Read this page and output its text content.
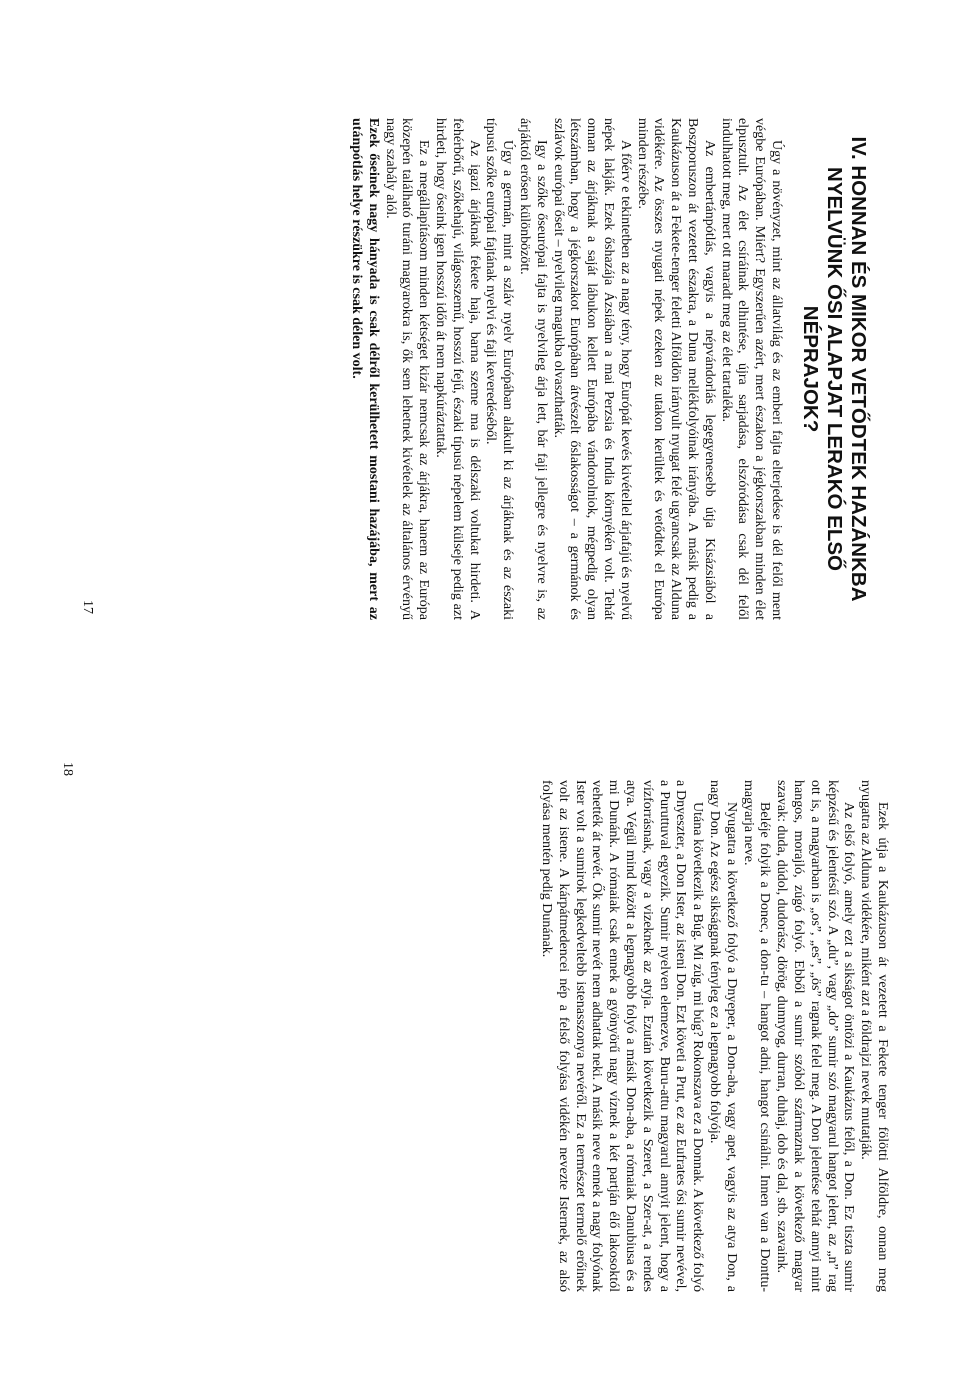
IV. HONNAN ÉS MIKOR VETŐDTEK HAZÁNKBA NYELVÜNK ŐSI ALAPJAT LERAKÓ ELSŐ NÉPRAJOK?

Úgy a növényzet, mint az állatvilág és az emberi fajta elterjedése is dél felől ment végbe Európában. Miért? Egyszerűen azért, mert északon a jégkorszakban minden élet elpusztult. Az élet csíráinak elhintése, újra sarjadása, elszóródása csak dél felől indulhatott meg, mert ott maradt meg az élet tartaléka.

Az embertánpótlás, vagyis a népvándorlás legegyenesebb útja Kisázsiából a Boszporuszon át vezetett északra, a Duna mellékfolyóinak irányába. A másik pedig a Kaukázuson át a Fekete-tenger feletti Alföldön irányult nyugat felé ugyancsak az Alduna vidékére. Az összes nyugati népek ezeken az utakon kerültek és vetődtek el Európa minden részébe.

A főérv e tekintetben az a nagy tény, hogy Európát kevés kivétellel árjafajú és nyelvű népek lakják. Ezek őshazája Ázsiában a mai Perzsia és India környékén volt. Tehát onnan az árjáknak a saját lábukon kellett Európába vándorolniok, mégpedig olyan létszámban, hogy a jégkorszakot Európában átvészelt őslakosságot – a germánok és szlávok európai őseit – nyelvileg magukba olvaszthatták.

Igy a szőke őseurópai fajta is nyelvileg árja lett, bár faji jellegre és nyelvre is, az árjáktól erősen különbözött.

Úgy a germán, mint a szláv nyelv Európában alakult ki az árjáknak és az északi típusú szőke európai fajtának nyelvi és faji keveredéséből.

Az igazi árjáknak fekete haja, barna szeme ma is délszaki voltukat hirdeti. A fehérbőrű, szőkehajú, világosszemű, hosszú fejű, északi típusú népelem külseje pedig azt hirdeti, hogy őseink igen hosszú időn át nem napkúráztattak.

Ez a megállapításom minden kétséget kizár nemcsak az árjákra, hanem az Európa közepén található turáni magyarokra is, ők sem lehetnek kivételek az általános érvényű nagy szabály alól.

Ezek őseinek nagy hányada is csak délről kerülhetett mostani hazájába, mert az utánpótlás helye részükre is csak délen volt.

17

Ezek útja a Kaukázuson át vezetett a Fekete tenger fölötti Alföldre, onnan meg nyugatra az Alduna vidékére, miként azt a földrajzi nevek mutatják.

Az első folyó, amely ezt a sikságot öntözi a Kaukázus felől, a Don. Ez tiszta sumir képzésű és jelentésű szó. A „du”, vagy „do” sumir szó magyarul hangot jelent, az „n” rag ott is, a magyarban is „os”, „es”, „ös” ragnak felel meg. A Don jelentése tehát annyi mint hangos, morajló, zúgó folyó. Ebből a sumir szóból származnak a következő magyar szavak: duda, dúdol, dudorász, dörög, dunnyog, durran, duhaj, dob és dal, stb. szavaink.

Beléje folyik a Donec, a don-tu – hangot adni, hangot csinálni. Innen van a Donttu-magyarja neve.

Nyugatra a következő folyó a Dnyeper, a Don-aba, vagy apet, vagyis az atya Don, a nagy Don. Az egész siksággnak tényleg ez a legnagyobb folyója.

Utána következik a Búg. Mi zúg, mi búg? Rokonszava ez a Donnak. A következő folyó a Dnyeszter, a Don Ister, az isteni Don. Ezt követi a Prut, ez az Eufrates ősi sumir nevével, a Puruttuval egyezik. Sumir nyelven elemezve, Buru-attu magyarul annyit jelent, hogy a vízforrásnak, vagy a vizeknek az atyja. Ezután következik a Szeret, a Szer-at, a rendes atya. Végül mind között a legnagyobb folyó a másik Don-aba, a rómaiak Danubiusa és a mi Dunánk. A rómaiak csak ennek a gyönyörű nagy víznek a két partján élő lakosoktól vehették át nevét. Ők sumir nevét nem adhattak neki. A másik neve ennek a nagy folyónak Ister volt a sumirok legkedveltebb istenasszonya nevéről. Ez a természet termelő erőinek volt az istene. A kárpátmedencei nép a felső folyása vidékén nevezte Isternek, az alsó folyása mentén pedig Dunának.

18
